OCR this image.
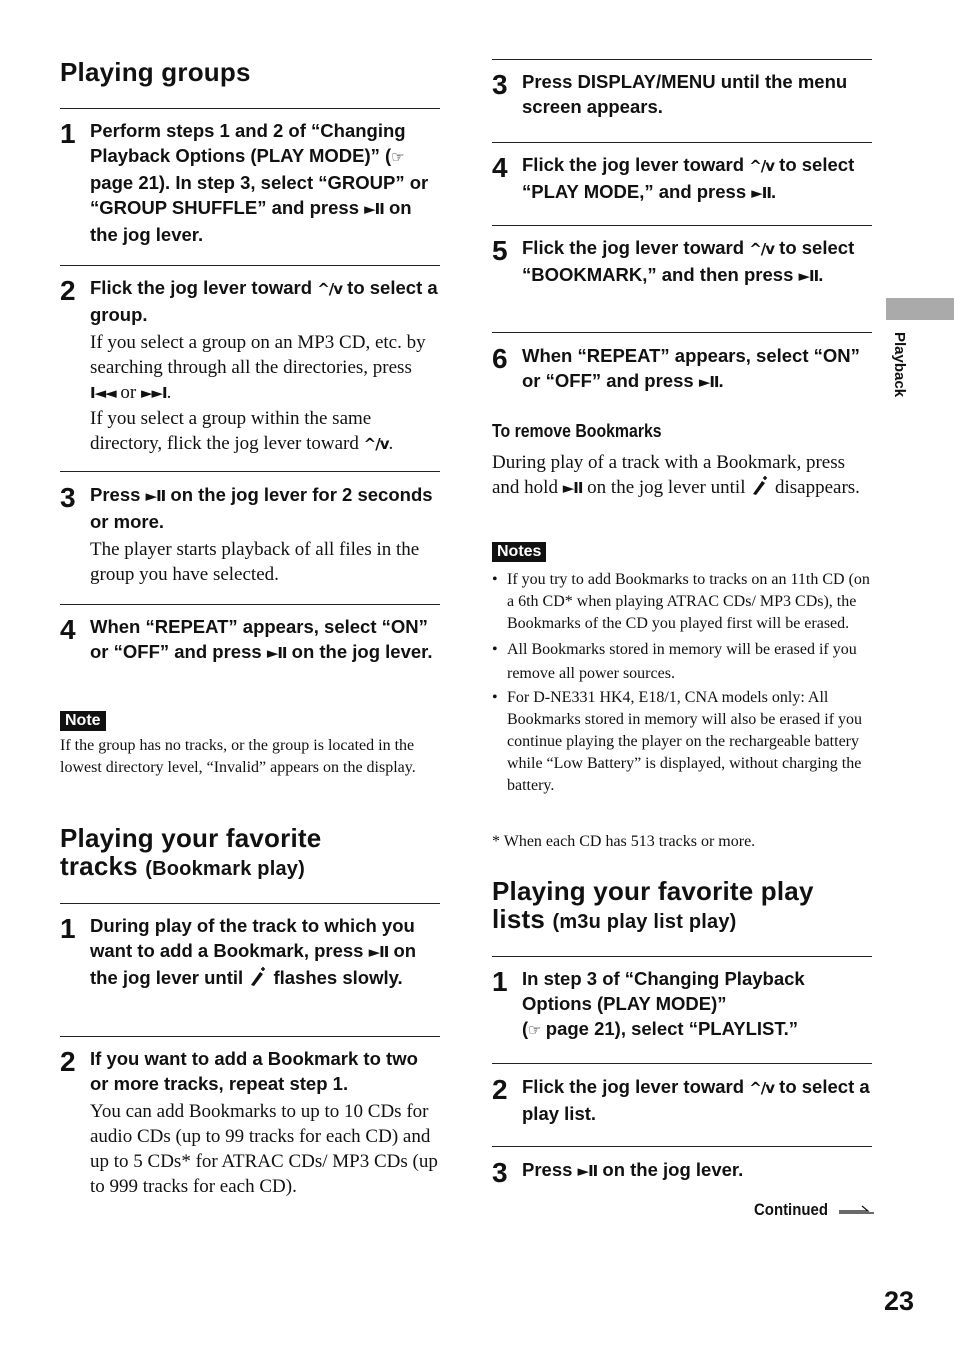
Playback
Playing groups
1 Perform steps 1 and 2 of “Changing Playback Options (PLAY MODE)” (☞ page 21). In step 3, select “GROUP” or “GROUP SHUFFLE” and press ►II on the jog lever.
2 Flick the jog lever toward ^/v to select a group.
If you select a group on an MP3 CD, etc. by searching through all the directories, press I◄◄ or ►►I.
If you select a group within the same directory, flick the jog lever toward ^/v.
3 Press ►II on the jog lever for 2 seconds or more.
The player starts playback of all files in the group you have selected.
4 When “REPEAT” appears, select “ON” or “OFF” and press ►II on the jog lever.
Note
If the group has no tracks, or the group is located in the lowest directory level, “Invalid” appears on the display.
Playing your favorite
tracks (Bookmark play)
1 During play of the track to which you want to add a Bookmark, press ►II on the jog lever until  flashes slowly.
2 If you want to add a Bookmark to two or more tracks, repeat step 1.
You can add Bookmarks to up to 10 CDs for audio CDs (up to 99 tracks for each CD) and up to 5 CDs* for ATRAC CDs/ MP3 CDs (up to 999 tracks for each CD).
3 Press DISPLAY/MENU until the menu screen appears.
4 Flick the jog lever toward ^/v to select “PLAY MODE,” and press ►II.
5 Flick the jog lever toward ^/v to select “BOOKMARK,” and then press ►II.
6 When “REPEAT” appears, select “ON” or “OFF” and press ►II.
To remove Bookmarks
During play of a track with a Bookmark, press and hold ►II on the jog lever until  disappears.
Notes
• If you try to add Bookmarks to tracks on an 11th CD (on a 6th CD* when playing ATRAC CDs/ MP3 CDs), the Bookmarks of the CD you played first will be erased.
• All Bookmarks stored in memory will be erased if you remove all power sources.
• For D-NE331 HK4, E18/1, CNA models only: All Bookmarks stored in memory will also be erased if you continue playing the player on the rechargeable battery while “Low Battery” is displayed, without charging the battery.
* When each CD has 513 tracks or more.
Playing your favorite play
lists (m3u play list play)
1 In step 3 of “Changing Playback Options (PLAY MODE)”
(☞ page 21), select “PLAYLIST.”
2 Flick the jog lever toward ^/v to select a play list.
3 Press ►II on the jog lever.
Continued
23
